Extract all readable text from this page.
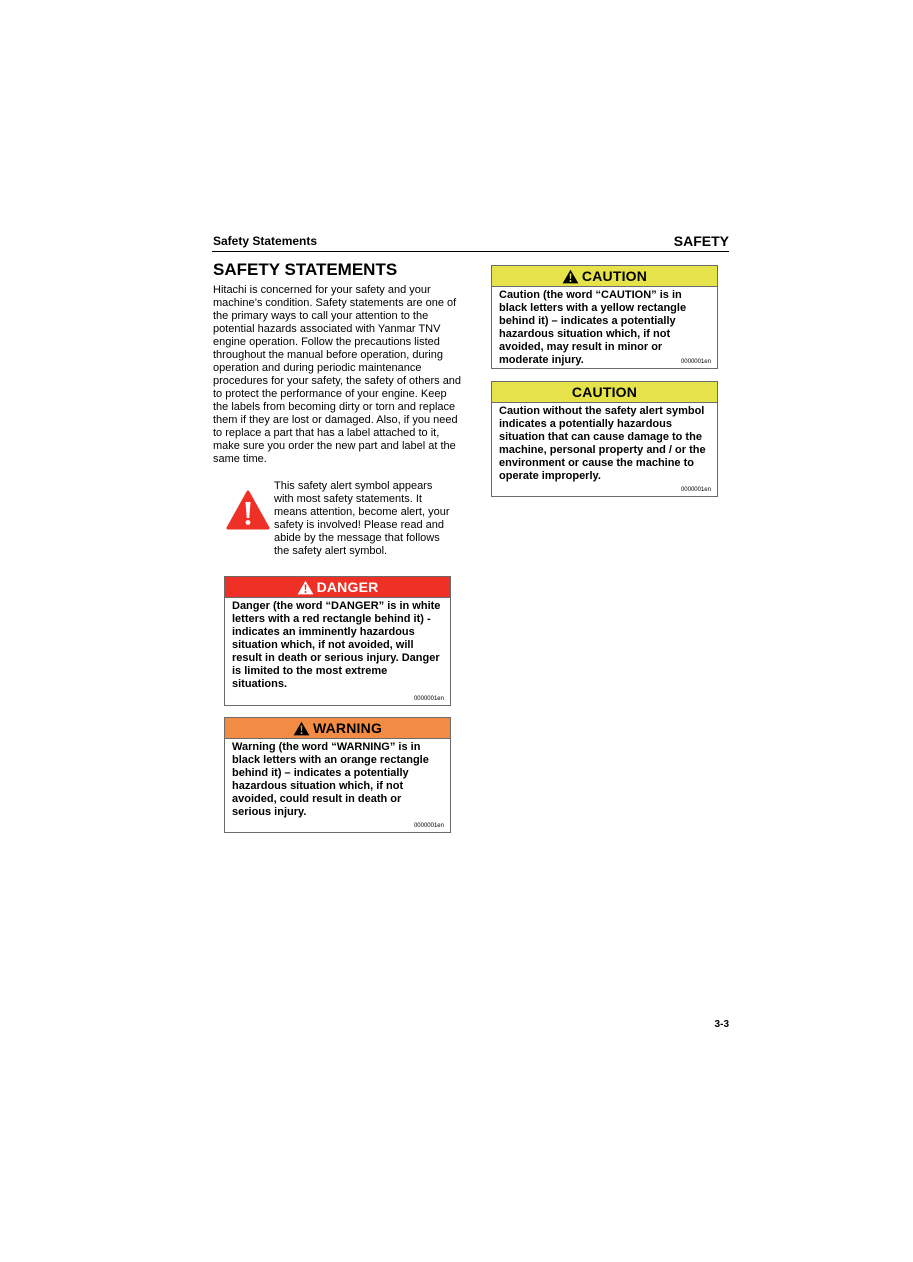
Safety Statements	SAFETY
SAFETY STATEMENTS

Hitachi is concerned for your safety and your machine’s condition. Safety statements are one of the primary ways to call your attention to the potential hazards associated with Yanmar TNV engine operation. Follow the precautions listed throughout the manual before operation, during operation and during periodic maintenance procedures for your safety, the safety of others and to protect the performance of your engine. Keep the labels from becoming dirty or torn and replace them if they are lost or damaged. Also, if you need to replace a part that has a label attached to it, make sure you order the new part and label at the same time.

This safety alert symbol appears with most safety statements. It means attention, become alert, your safety is involved! Please read and abide by the message that follows the safety alert symbol.

DANGER
Danger (the word “DANGER” is in white letters with a red rectangle behind it) - indicates an imminently hazardous situation which, if not avoided, will result in death or serious injury. Danger is limited to the most extreme situations.
0000001en
WARNING
Warning (the word “WARNING” is in black letters with an orange rectangle behind it) – indicates a potentially hazardous situation which, if not avoided, could result in death or serious injury.
0000001en
CAUTION
Caution (the word “CAUTION” is in black letters with a yellow rectangle behind it) – indicates a potentially hazardous situation which, if not avoided, may result in minor or moderate injury.	0000001en
CAUTION
Caution without the safety alert symbol indicates a potentially hazardous situation that can cause damage to the machine, personal property and / or the environment or cause the machine to operate improperly.
0000001en
3-3
